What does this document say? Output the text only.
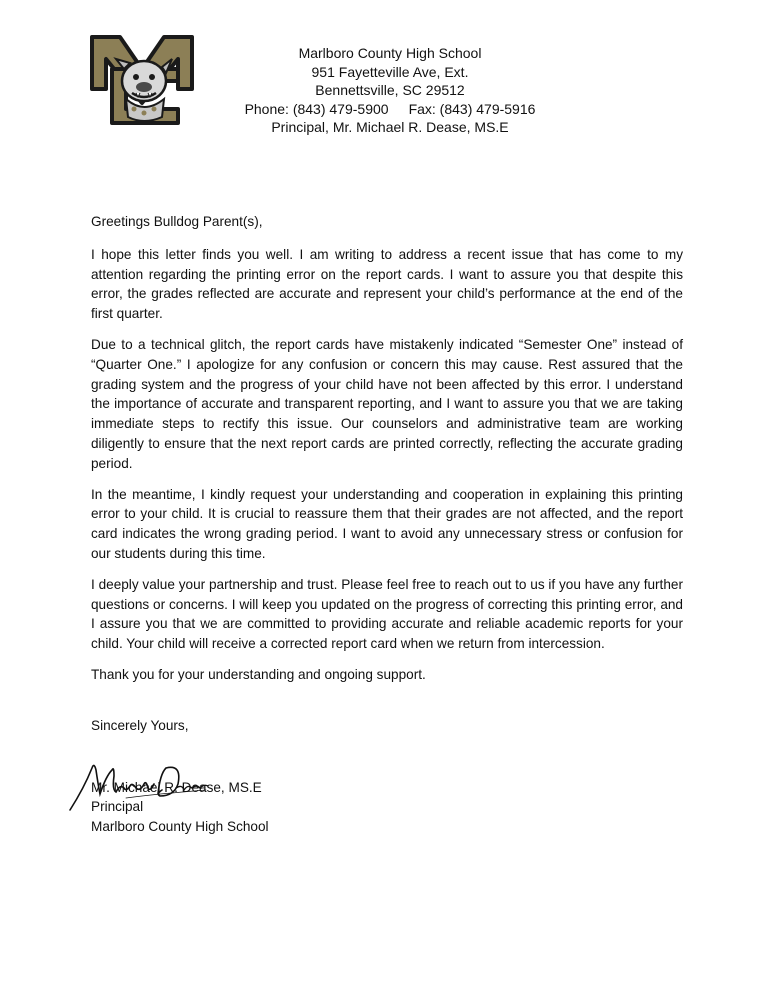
Marlboro County High School
951 Fayetteville Ave, Ext.
Bennettsville, SC 29512
Phone: (843) 479-5900 Fax: (843) 479-5916
Principal, Mr. Michael R. Dease, MS.E

Greetings Bulldog Parent(s),

I hope this letter finds you well. I am writing to address a recent issue that has come to my attention regarding the printing error on the report cards. I want to assure you that despite this error, the grades reflected are accurate and represent your child’s performance at the end of the first quarter.

Due to a technical glitch, the report cards have mistakenly indicated “Semester One” instead of “Quarter One.” I apologize for any confusion or concern this may cause. Rest assured that the grading system and the progress of your child have not been affected by this error. I understand the importance of accurate and transparent reporting, and I want to assure you that we are taking immediate steps to rectify this issue. Our counselors and administrative team are working diligently to ensure that the next report cards are printed correctly, reflecting the accurate grading period.

In the meantime, I kindly request your understanding and cooperation in explaining this printing error to your child. It is crucial to reassure them that their grades are not affected, and the report card indicates the wrong grading period. I want to avoid any unnecessary stress or confusion for our students during this time.

I deeply value your partnership and trust. Please feel free to reach out to us if you have any further questions or concerns. I will keep you updated on the progress of correcting this printing error, and I assure you that we are committed to providing accurate and reliable academic reports for your child. Your child will receive a corrected report card when we return from intercession.

Thank you for your understanding and ongoing support.

Sincerely Yours,
Mr. Michael R. Dease, MS.E
Principal
Marlboro County High School
